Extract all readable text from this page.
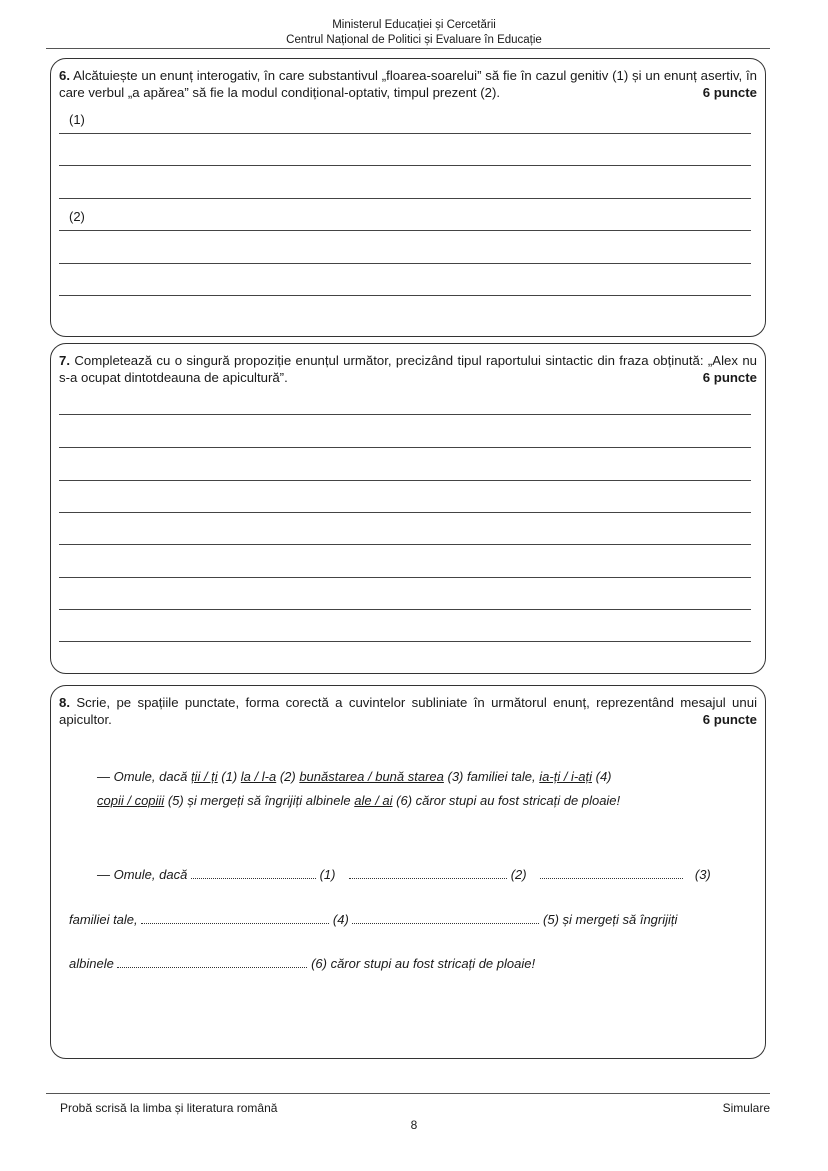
Ministerul Educației și Cercetării
Centrul Național de Politici și Evaluare în Educație
6. Alcătuiește un enunț interogativ, în care substantivul „floarea-soarelui” să fie în cazul genitiv (1) și un enunț asertiv, în care verbul „a apărea” să fie la modul condițional-optativ, timpul prezent (2).	6 puncte
(1)
(2)
7. Completează cu o singură propoziție enunțul următor, precizând tipul raportului sintactic din fraza obținută: „Alex nu s-a ocupat dintotdeauna de apicultură”.	6 puncte
8. Scrie, pe spațiile punctate, forma corectă a cuvintelor subliniate în următorul enunț, reprezentând mesajul unui apicultor.	6 puncte
— Omule, dacă ții / ți (1) la / l-a (2) bunăstarea / bună starea (3) familiei tale, ia-ți / i-ați (4)
copii / copiii (5) și mergeți să îngrijiți albinele ale / ai (6) căror stupi au fost stricați de ploaie!
— Omule, dacă	(1)	(2)	(3)
familiei tale,	(4)	(5) și mergeți să îngrijiți
albinele	(6) căror stupi au fost stricați de ploaie!
Probă scrisă la limba și literatura română	Simulare
8
